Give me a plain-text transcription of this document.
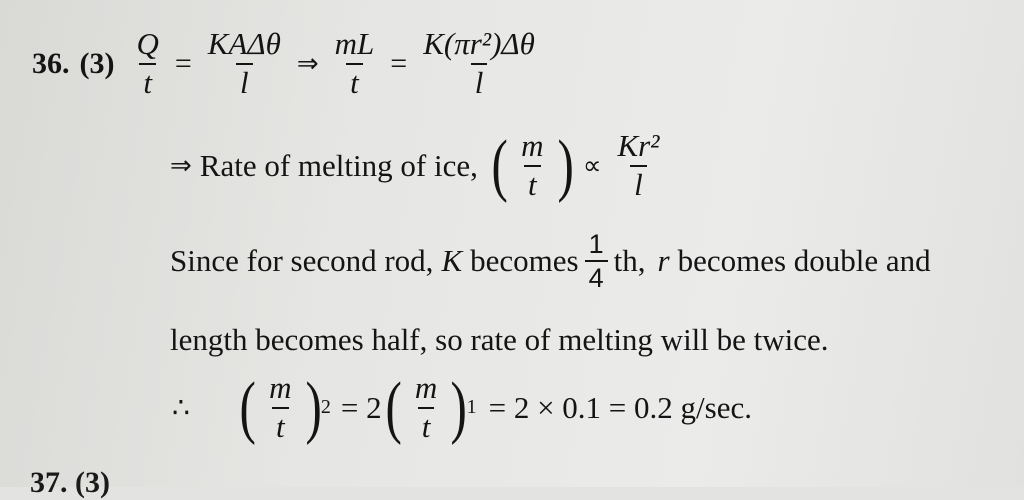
36. $(3) \frac{Q}{t} = \frac{\text{KAΔθ}}{l}$ ⇒ $\frac{mL}{t} = \frac{\text{K(πr²)Δθ}}{l}$
⇒ Rate of melting of ice, ( $\frac{m}{t}$ ) ∝ $\frac{\text{Kr²}}{l}$
Since for second rod, K becomes $\frac{1}{4}$ th, r becomes double and
length becomes half, so rate of melting will be twice.
∴ ( $\frac{m}{t}$ ) 2 = 2 ( $\frac{m}{t}$ ) 1 = 2 × 0.1 = 0.2 g/sec.
37. (3)
